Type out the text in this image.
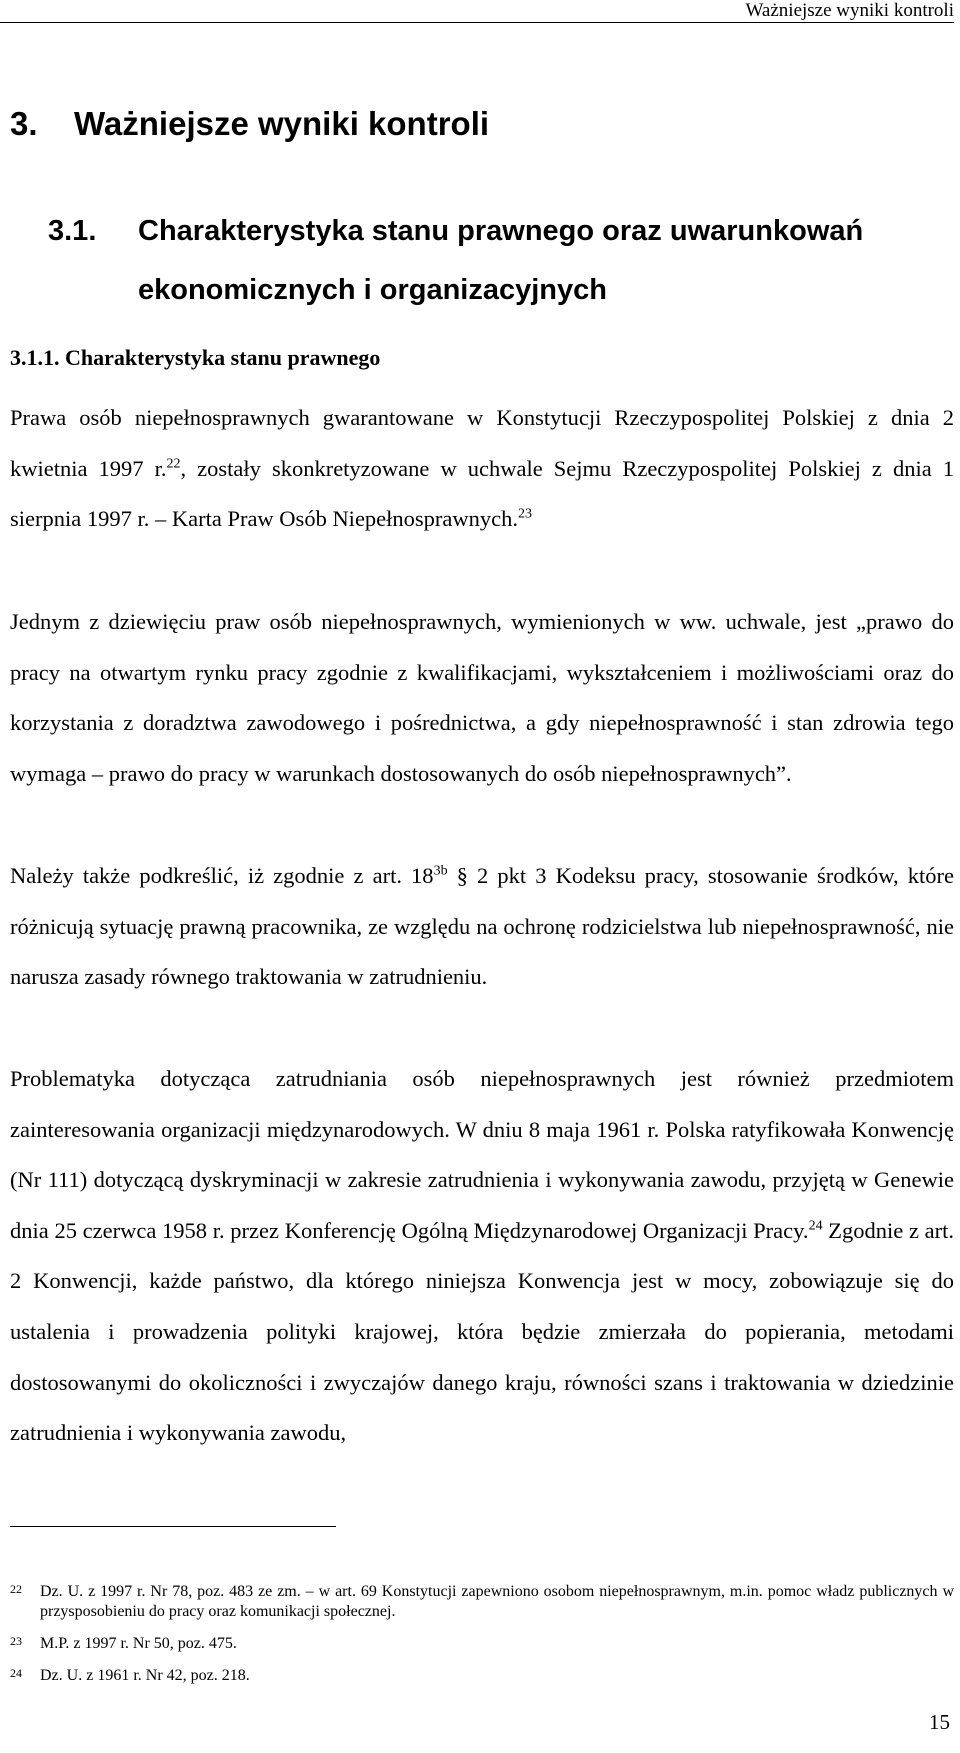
Ważniejsze wyniki kontroli
3. Ważniejsze wyniki kontroli
3.1. Charakterystyka stanu prawnego oraz uwarunkowań ekonomicznych i organizacyjnych
3.1.1. Charakterystyka stanu prawnego

Prawa osób niepełnosprawnych gwarantowane w Konstytucji Rzeczypospolitej Polskiej z dnia 2 kwietnia 1997 r.$^{22}$, zostały skonkretyzowane w uchwale Sejmu Rzeczypospolitej Polskiej z dnia 1 sierpnia 1997 r. – Karta Praw Osób Niepełnosprawnych.$^{23}$

Jednym z dziewięciu praw osób niepełnosprawnych, wymienionych w ww. uchwale, jest „prawo do pracy na otwartym rynku pracy zgodnie z kwalifikacjami, wykształceniem i możliwościami oraz do korzystania z doradztwa zawodowego i pośrednictwa, a gdy niepełnosprawność i stan zdrowia tego wymaga – prawo do pracy w warunkach dostosowanych do osób niepełnosprawnych”.

Należy także podkreślić, iż zgodnie z art. $18^{3b}$ § 2 pkt 3 Kodeksu pracy, stosowanie środków, które różnicują sytuację prawną pracownika, ze względu na ochronę rodzicielstwa lub niepełnosprawność, nie narusza zasady równego traktowania w zatrudnieniu.

Problematyka dotycząca zatrudniania osób niepełnosprawnych jest również przedmiotem zainteresowania organizacji międzynarodowych. W dniu 8 maja 1961 r. Polska ratyfikowała Konwencję (Nr 111) dotyczącą dyskryminacji w zakresie zatrudnienia i wykonywania zawodu, przyjętą w Genewie dnia 25 czerwca 1958 r. przez Konferencję Ogólną Międzynarodowej Organizacji Pracy.$^{24}$ Zgodnie z art. 2 Konwencji, każde państwo, dla którego niniejsza Konwencja jest w mocy, zobowiązuje się do ustalenia i prowadzenia polityki krajowej, która będzie zmierzała do popierania, metodami dostosowanymi do okoliczności i zwyczajów danego kraju, równości szans i traktowania w dziedzinie zatrudnienia i wykonywania zawodu,

22	Dz. U. z 1997 r. Nr 78, poz. 483 ze zm. – w art. 69 Konstytucji zapewniono osobom niepełnosprawnym, m.in. pomoc władz publicznych w przysposobieniu do pracy oraz komunikacji społecznej.
23	M.P. z 1997 r. Nr 50, poz. 475.
24	Dz. U. z 1961 r. Nr 42, poz. 218.
15
